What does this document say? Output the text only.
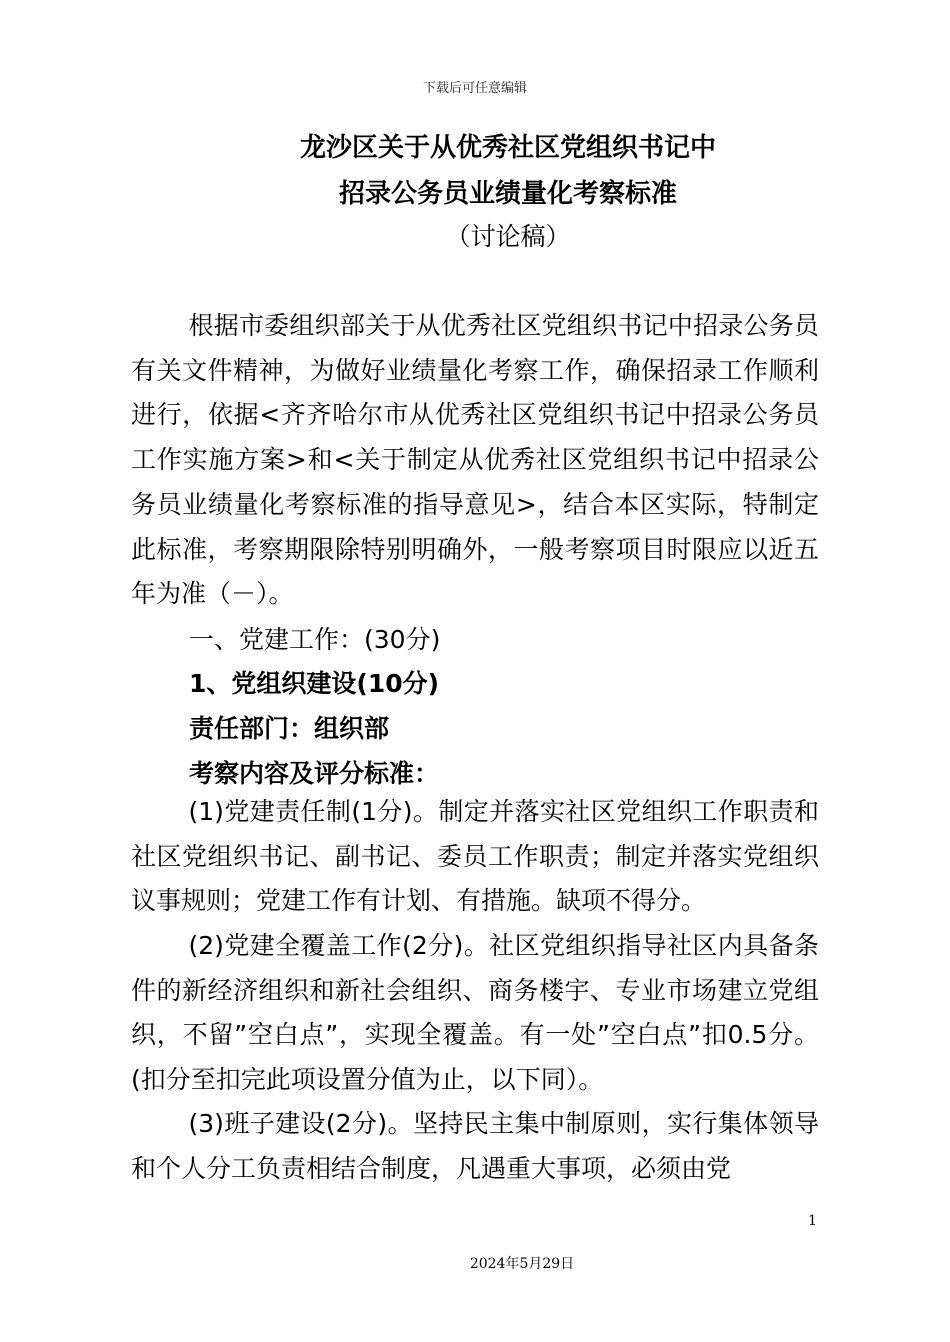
下载后可任意编辑
龙沙区关于从优秀社区党组织书记中
招录公务员业绩量化考察标准
（讨论稿）

根据市委组织部关于从优秀社区党组织书记中招录公务员有关文件精神，为做好业绩量化考察工作，确保招录工作顺利进行，依据<齐齐哈尔市从优秀社区党组织书记中招录公务员工作实施方案>和<关于制定从优秀社区党组织书记中招录公务员业绩量化考察标准的指导意见>，结合本区实际，特制定此标准，考察期限除特别明确外，一般考察项目时限应以近五年为准（－）。

一、党建工作：(30分)
1、党组织建设(10分)
责任部门：组织部
考察内容及评分标准：

(1)党建责任制(1分)。制定并落实社区党组织工作职责和社区党组织书记、副书记、委员工作职责；制定并落实党组织议事规则；党建工作有计划、有措施。缺项不得分。

(2)党建全覆盖工作(2分)。社区党组织指导社区内具备条件的新经济组织和新社会组织、商务楼宇、专业市场建立党组织，不留”空白点”，实现全覆盖。有一处”空白点”扣0.5分。(扣分至扣完此项设置分值为止，以下同）。

(3)班子建设(2分)。坚持民主集中制原则，实行集体领导和个人分工负责相结合制度，凡遇重大事项，必须由党

1
2024年5月29日
